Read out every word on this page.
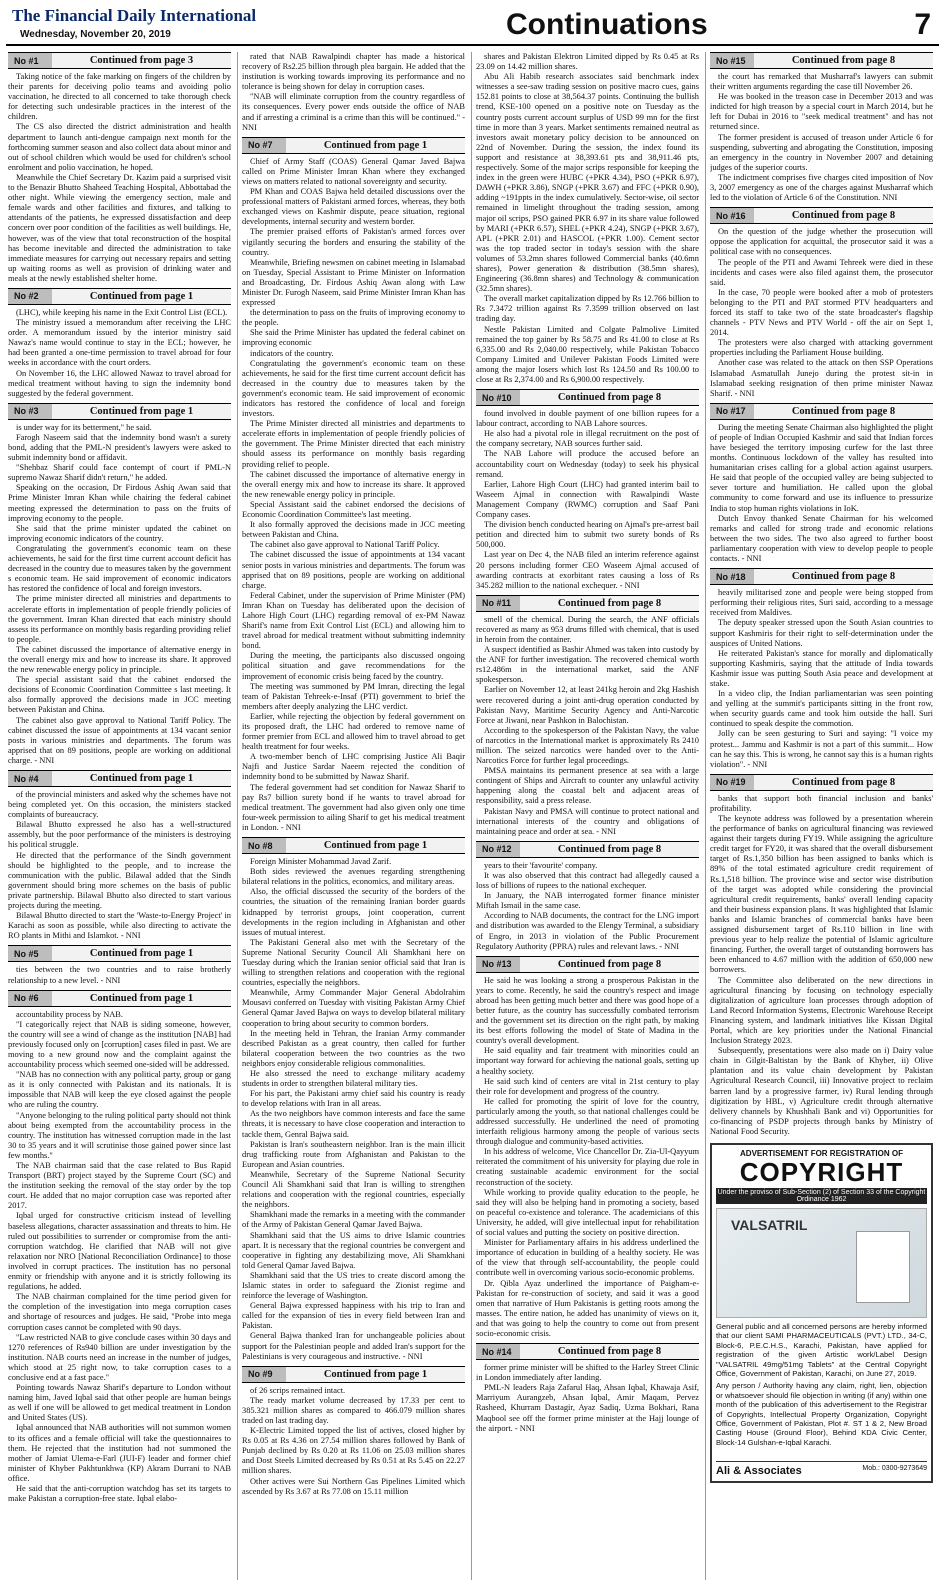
The Financial Daily International
Wednesday, November 20, 2019	Continuations	7
No #1	Continued from page 3

Taking notice of the fake marking on fingers of the children by their parents for deceiving polio teams and avoiding polio vaccination, he directed to all concerned to take thorough check for detecting such undesirable practices in the interest of the children.

The CS also directed the district administration and health department to launch anti-dengue campaign next month for the forthcoming summer season and also collect data about minor and out of school children which would be used for children's school enrolment and polio vaccination, he hoped.

Meanwhile the Chief Secretary Dr. Kazim paid a surprised visit to the Benazir Bhutto Shaheed Teaching Hospital, Abbottabad the other night. While viewing the emergency section, male and female wards and other facilities and fixtures, and talking to attendants of the patients, he expressed dissatisfaction and deep concern over poor condition of the facilities as well buildings. He, however, was of the view that total reconstruction of the hospital has become inevitable and directed the administration to take immediate measures for carrying out necessary repairs and setting up waiting rooms as well as provision of drinking water and meals at the newly established shelter home.

No #2	Continued from page 1

(LHC), while keeping his name in the Exit Control List (ECL).

The ministry issued a memorandum after receiving the LHC order. A memorandum issued by the interior ministry said Nawaz's name would continue to stay in the ECL; however, he had been granted a one-time permission to travel abroad for four weeks in accordance with the court orders.

On November 16, the LHC allowed Nawaz to travel abroad for medical treatment without having to sign the indemnity bond suggested by the federal government.

No #3	Continued from page 1

is under way for its betterment," he said.

Farogh Naseem said that the indemnity bond wasn't a surety bond, adding that the PML-N president's lawyers were asked to submit indemnity bond or affidavit.

"Shehbaz Sharif could face contempt of court if PML-N supremo Nawaz Sharif didn't return," he added.

Speaking on the occasion, Dr Firdous Ashiq Awan said that Prime Minister Imran Khan while chairing the federal cabinet meeting expressed the determination to pass on the fruits of improving economy to the people.

She said that the prime minister updated the cabinet on improving economic indicators of the country.

Congratulating the government's economic team on these achievements, he said for the first time current account deficit has decreased in the country due to measures taken by the government s economic team. He said improvement of economic indicators has restored the confidence of local and foreign investors.

The prime minister directed all ministries and departments to accelerate efforts in implementation of people friendly policies of the government. Imran Khan directed that each ministry should assess its performance on monthly basis regarding providing relief to people.

The cabinet discussed the importance of alternative energy in the overall energy mix and how to increase its share. It approved the new renewable energy policy in principle.

The special assistant said that the cabinet endorsed the decisions of Economic Coordination Committee s last meeting. It also formally approved the decisions made in JCC meeting between Pakistan and China.

The cabinet also gave approval to National Tariff Policy. The cabinet discussed the issue of appointments at 134 vacant senior posts in various ministries and departments. The forum was apprised that on 89 positions, people are working on additional charge. - NNI

No #4	Continued from page 1

of the provincial ministers and asked why the schemes have not being completed yet. On this occasion, the ministers stacked complaints of bureaucracy.

Bilawal Bhutto expressed he also has a well-structured assembly, but the poor performance of the ministers is destroying his political struggle.

He directed that the performance of the Sindh government should be highlighted to the people, and to increase the communication with the public. Bilawal added that the Sindh government should bring more schemes on the basis of public private partnership. Bilawal Bhutto also directed to start various projects during the meeting.

Bilawal Bhutto directed to start the 'Waste-to-Energy Project' in Karachi as soon as possible, while also directing to activate the RO plants in Mithi and Islamkot. - NNI

No #5	Continued from page 1

ties between the two countries and to raise brotherly relationship to a new level. - NNI

No #6	Continued from page 1

accountability process by NAB.

"I categorically reject that NAB is siding someone, however, the country will see a wind of change as the institution [NAB] had previously focused only on [corruption] cases filed in past. We are moving to a new ground now and the complaint against the accountability process which seemed one-sided will be addressed.

"NAB has no connection with any political party, group or gang as it is only connected with Pakistan and its nationals. It is impossible that NAB will keep the eye closed against the people who are ruling the country.

"Anyone belonging to the ruling political party should not think about being exempted from the accountability process in the country. The institution has witnessed corruption made in the last 30 to 35 years and it will scrutinise those gained power since last few months."

The NAB chairman said that the case related to Bus Rapid Transport (BRT) project stayed by the Supreme Court (SC) and the institution seeking the removal of the stay order by the top court. He added that no major corruption case was reported after 2017.

Iqbal urged for constructive criticism instead of levelling baseless allegations, character assassination and threats to him. He ruled out possibilities to surrender or compromise from the anti-corruption watchdog. He clarified that NAB will not give relaxation nor NRO [National Reconciliation Ordinance] to those involved in corrupt practices. The institution has no personal enmity or friendship with anyone and it is strictly following its regulations, he added.

The NAB chairman complained for the time period given for the completion of the investigation into mega corruption cases and shortage of resources and judges. He said, "Probe into mega corruption cases cannot be completed with 90 days.

"Law restricted NAB to give conclude cases within 30 days and 1270 references of Rs940 billion are under investigation by the institution. NAB courts need an increase in the number of judges, which stood at 25 right now, to take corruption cases to a conclusive end at a fast pace."

Pointing towards Nawaz Sharif's departure to London without naming him, Javed Iqbal said that other people are human beings as well if one will be allowed to get medical treatment in London and United States (US).

Iqbal announced that NAB authorities will not summon women to its offices and a female official will take the questionnaires to them. He rejected that the institution had not summoned the mother of Jamiat Ulema-e-Farl (JUI-F) leader and former chief minister of Khyber Pakhtunkhwa (KP) Akram Durrani to NAB office.

He said that the anti-corruption watchdog has set its targets to make Pakistan a corruption-free state. Iqbal elabo-

rated that NAB Rawalpindi chapter has made a historical recovery of Rs2.25 billion through plea bargain. He added that the institution is working towards improving its performance and no tolerance is being shown for delay in corruption cases.

"NAB will eliminate corruption from the country regardless of its consequences. Every power ends outside the office of NAB and if arresting a criminal is a crime than this will be continued." - NNI

No #7	Continued from page 1

Chief of Army Staff (COAS) General Qamar Javed Bajwa called on Prime Minister Imran Khan where they exchanged views on matters related to national sovereignty and security.

PM Khan and COAS Bajwa held detailed discussions over the professional matters of Pakistani armed forces, whereas, they both exchanged views on Kashmir dispute, peace situation, regional developments, internal security and western border.

The premier praised efforts of Pakistan's armed forces over vigilantly securing the borders and ensuring the stability of the country.

Meanwhile, Briefing newsmen on cabinet meeting in Islamabad on Tuesday, Special Assistant to Prime Minister on Information and Broadcasting, Dr. Firdous Ashiq Awan along with Law Minister Dr. Furogh Naseem, said Prime Minister Imran Khan has expressed

the determination to pass on the fruits of improving economy to the people.

She said the Prime Minister has updated the federal cabinet on improving economic

indicators of the country.

Congratulating the government's economic team on these achievements, he said for the first time current account deficit has decreased in the country due to measures taken by the government's economic team. He said improvement of economic indicators has restored the confidence of local and foreign investors.

The Prime Minister directed all ministries and departments to accelerate efforts in implementation of people friendly policies of the government. The Prime Minister directed that each ministry should assess its performance on monthly basis regarding providing relief to people.

The cabinet discussed the importance of alternative energy in the overall energy mix and how to increase its share. It approved the new renewable energy policy in principle.

Special Assistant said the cabinet endorsed the decisions of Economic Coordination Committee's last meeting.

It also formally approved the decisions made in JCC meeting between Pakistan and China.

The cabinet also gave approval to National Tariff Policy.

The cabinet discussed the issue of appointments at 134 vacant senior posts in various ministries and departments. The forum was apprised that on 89 positions, people are working on additional charge.

Federal Cabinet, under the supervision of Prime Minister (PM) Imran Khan on Tuesday has deliberated upon the decision of Lahore High Court (LHC) regarding removal of ex-PM Nawaz Sharif's name from Exit Control List (ECL) and allowing him to travel abroad for medical treatment without submitting indemnity bond.

During the meeting, the participants also discussed ongoing political situation and gave recommendations for the improvement of economic crisis being faced by the country.

The meeting was summoned by PM Imran, directing the legal team of Pakistan Tehreek-e-Insaf (PTI) government to brief the members after deeply analyzing the LHC verdict.

Earlier, while rejecting the objection by federal government on its proposed draft, the LHC had ordered to remove name of former premier from ECL and allowed him to travel abroad to get health treatment for four weeks.

A two-member bench of LHC comprising Justice Ali Baqir Najfi and Justice Sardar Naeem rejected the condition of indemnity bond to be submitted by Nawaz Sharif.

The federal government had set condition for Nawaz Sharif to pay Rs7 billion surety bond if he wants to travel abroad for medical treatment. The government had also given only one time four-week permission to ailing Sharif to get his medical treatment in London. - NNI

No #8	Continued from page 1

Foreign Minister Mohammad Javad Zarif.

Both sides reviewed the avenues regarding strengthening bilateral relations in the politics, economics, and military areas.

Also, the official discussed the security of the borders of the countries, the situation of the remaining Iranian border guards kidnapped by terrorist groups, joint cooperation, current developments in the region including in Afghanistan and other issues of mutual interest.

The Pakistani General also met with the Secretary of the Supreme National Security Council Ali Shamkhani here on Tuesday during which the Iranian senior official said that Iran is willing to strengthen relations and cooperation with the regional countries, especially the neighbors.

Meanwhile, Army Commander Major General Abdolrahim Mousavi conferred on Tuesday with visiting Pakistan Army Chief General Qamar Javed Bajwa on ways to develop bilateral military cooperation to bring about security to common borders.

In the meeting held in Tehran, the Iranian Army commander described Pakistan as a great country, then called for further bilateral cooperation between the two countries as the two neighbors enjoy considerable religious commonalities.

He also stressed the need to exchange military academy students in order to strengthen bilateral military ties.

For his part, the Pakistani army chief said his country is ready to develop relations with Iran in all areas.

As the two neighbors have common interests and face the same threats, it is necessary to have close cooperation and interaction to tackle them, Genral Bajwa said.

Pakistan is Iran's southeastern neighbor. Iran is the main illicit drug trafficking route from Afghanistan and Pakistan to the European and Asian countries.

Meanwhile, Secretary of the Supreme National Security Council Ali Shamkhani said that Iran is willing to strengthen relations and cooperation with the regional countries, especially the neighbors.

Shamkhani made the remarks in a meeting with the commander of the Army of Pakistan General Qamar Javed Bajwa.

Shamkhani said that the US aims to drive Islamic countries apart. It is necessary that the regional countries be convergent and cooperative in fighting any destabilizing move, Ali Shamkhani told General Qamar Javed Bajwa.

Shamkhani said that the US tries to create discord among the Islamic states in order to safeguard the Zionist regime and reinforce the leverage of Washington.

General Bajwa expressed happiness with his trip to Iran and called for the expansion of ties in every field between Iran and Pakistan.

General Bajwa thanked Iran for unchangeable policies about support for the Palestinian people and added Iran's support for the Palestinians is very courageous and instructive. - NNI

No #9	Continued from page 1

of 26 scrips remained intact.

The ready market volume decreased by 17.33 per cent to 385.321 million shares as compared to 466.079 million shares traded on last trading day.

K-Electric Limited topped the list of actives, closed higher by Rs 0.05 at Rs 4.36 on 27.54 million shares followed by Bank of Punjab declined by Rs 0.20 at Rs 11.06 on 25.03 million shares and Dost Steels Limited decreased by Rs 0.51 at Rs 5.45 on 22.27 million shares.

Other actives were Sui Northern Gas Pipelines Limited which ascended by Rs 3.67 at Rs 77.08 on 15.11 million

shares and Pakistan Elektron Limited dipped by Rs 0.45 at Rs 23.09 on 14.42 million shares.

Abu Ali Habib research associates said benchmark index witnesses a see-saw trading session on positive macro cues, gains 152.81 points to close at 38,564.37 points. Continuing the bullish trend, KSE-100 opened on a positive note on Tuesday as the country posts current account surplus of USD 99 mn for the first time in more than 3 years. Market sentiments remained neutral as investors await monetary policy decision to be announced on 22nd of November. During the session, the index found its support and resistance at 38,393.61 pts and 38,911.46 pts, respectively. Some of the major scrips responsible for keeping the index in the green were HUBC (+PKR 4.34), PSO (+PKR 6.97), DAWH (+PKR 3.86), SNGP (+PKR 3.67) and FFC (+PKR 0.90), adding ~191ppts in the index cumulatively. Sector-wise, oil sector remained in limelight throughout the trading session, among major oil scrips, PSO gained PKR 6.97 in its share value followed by MARI (+PKR 6.57), SHEL (+PKR 4.24), SNGP (+PKR 3.67), APL (+PKR 2.01) and HASCOL (+PKR 1.00). Cement sector was the top traded sector in today's session with the share volumes of 53.2mn shares followed Commercial banks (40.6mn shares), Power generation & distribution (38.5mn shares), Engineering (36.8mn shares) and Technology & communication (32.5mn shares).

The overall market capitalization dipped by Rs 12.766 billion to Rs 7.3472 trillion against Rs 7.3599 trillion observed on last trading day.

Nestle Pakistan Limited and Colgate Palmolive Limited remained the top gainer by Rs 58.75 and Rs 41.00 to close at Rs 6,335.00 and Rs 2,040.00 respectively, while Pakistan Tobacco Company Limited and Unilever Pakistan Foods Limited were among the major losers which lost Rs 124.50 and Rs 100.00 to close at Rs 2,374.00 and Rs 6,900.00 respectively.

No #10	Continued from page 8

found involved in double payment of one billion rupees for a labour contract, according to NAB Lahore sources.

He also had a pivotal role in illegal recruitment on the post of the company secretary, NAB sources further said.

The NAB Lahore will produce the accused before an accountability court on Wednesday (today) to seek his physical remand.

Earlier, Lahore High Court (LHC) had granted interim bail to Waseem Ajmal in connection with Rawalpindi Waste Management Company (RWMC) corruption and Saaf Pani Company cases.

The division bench conducted hearing on Ajmal's pre-arrest bail petition and directed him to submit two surety bonds of Rs 500,000.

Last year on Dec 4, the NAB filed an interim reference against 20 persons including former CEO Waseem Ajmal accused of awarding contracts at exorbitant rates causing a loss of Rs 345.282 million to the national exchequer. - NNI

No #11	Continued from page 8

smell of the chemical. During the search, the ANF officials recovered as many as 953 drums filled with chemical, that is used in heroin from the container.

A suspect identified as Bashir Ahmed was taken into custody by the ANF for further investigation. The recovered chemical worth rs12.486m in the international market, said the ANF spokesperson.

Earlier on November 12, at least 241kg heroin and 2kg Hashish were recovered during a joint anti-drug operation conducted by Pakistan Navy, Maritime Security Agency and Anti-Narcotic Force at Jiwani, near Pashkon in Balochistan.

According to the spokesperson of the Pakistan Navy, the value of narcotics in the International market is approximately Rs 2410 million. The seized narcotics were handed over to the Anti-Narcotics Force for further legal proceedings.

PMSA maintains its permanent presence at sea with a large contingent of Ships and Aircraft to counter any unlawful activity happening along the coastal belt and adjacent areas of responsibility, said a press release.

Pakistan Navy and PMSA will continue to protect national and international interests of the country and obligations of maintaining peace and order at sea. - NNI

No #12	Continued from page 8

years to their 'favourite' company.

It was also observed that this contract had allegedly caused a loss of billions of rupees to the national exchequer.

In January, the NAB interrogated former finance minister Miftah Ismail in the same case.

According to NAB documents, the contract for the LNG import and distribution was awarded to the Elengy Terminal, a subsidiary of Engro, in 2013 in violation of the Public Procurement Regulatory Authority (PPRA) rules and relevant laws. - NNI

No #13	Continued from page 8

He said he was looking a strong a prosperous Pakistan in the years to come. Recently, he said the country's respect and image abroad has been getting much better and there was good hope of a better future, as the country has successfully combated terrorism and the government set its direction on the right path, by making its best efforts following the model of State of Madina in the country's overall development.

He said equality and fair treatment with minorities could an important way forward for achieving the national goals, setting up a healthy society.

He said such kind of centers are vital in 21st century to play their role for development and progress of the country.

He called for promoting the spirit of love for the country, particularly among the youth, so that national challenges could be addressed successfully. He underlined the need of promoting interfaith religious harmony among the people of various sects through dialogue and community-based activities.

In his address of welcome, Vice Chancellor Dr. Zia-Ul-Qayyum reiterated the commitment of his university for playing due role in creating sustainable academic environment for the social reconstruction of the society.

While working to provide quality education to the people, he said they will also be helping hand in promoting a society, based on peaceful co-existence and tolerance. The academicians of this University, he added, will give intellectual input for rehabilitation of social values and putting the society on positive direction.

Minister for Parliamentary affairs in his address underlined the importance of education in building of a healthy society. He was of the view that through self-accountability, the people could contribute well in overcoming various socio-economic problems.

Dr. Qibla Ayaz underlined the importance of Paigham-e-Pakistan for re-construction of society, and said it was a good omen that narrative of Hum Pakistanis is getting roots among the masses. The entire nation, he added has unanimity of views on it, and that was going to help the country to come out from present socio-economic crisis.

No #14	Continued from page 8

former prime minister will be shifted to the Harley Street Clinic in London immediately after landing.

PML-N leaders Raja Zafarul Haq, Ahsan Iqbal, Khawaja Asif, Marriyum Aurangzeb, Ahsan Iqbal, Amir Maqam, Pervez Rasheed, Khurram Dastagir, Ayaz Sadiq, Uzma Bokhari, Rana Maqbool see off the former prime minister at the Hajj lounge of the airport. - NNI

No #15	Continued from page 8

the court has remarked that Musharraf's lawyers can submit their written arguments regarding the case till November 26.

He was booked in the treason case in December 2013 and was indicted for high treason by a special court in March 2014, but he left for Dubai in 2016 to "seek medical treatment" and has not returned since.

The former president is accused of treason under Article 6 for suspending, subverting and abrogating the Constitution, imposing an emergency in the country in November 2007 and detaining judges of the superior courts.

The indictment comprises five charges cited imposition of Nov 3, 2007 emergency as one of the charges against Musharraf which led to the violation of Article 6 of the Constitution. NNI

No #16	Continued from page 8

On the question of the judge whether the prosecution will oppose the application for acquittal, the prosecutor said it was a political case with no consequences.

The people of the PTI and Awami Tehreek were died in these incidents and cases were also filed against them, the prosecutor said.

In the case, 70 people were booked after a mob of protesters belonging to the PTI and PAT stormed PTV headquarters and forced its staff to take two of the state broadcaster's flagship channels - PTV News and PTV World - off the air on Sept 1, 2014.

The protesters were also charged with attacking government properties including the Parliament House building.

Another case was related to the attack on then SSP Operations Islamabad Asmatullah Junejo during the protest sit-in in Islamabad seeking resignation of then prime minister Nawaz Sharif. - NNI

No #17	Continued from page 8

During the meeting Senate Chairman also highlighted the plight of people of Indian Occupied Kashmir and said that Indian forces have besieged the territory imposing curfew for the last three months. Continuous lockdown of the valley has resulted into humanitarian crises calling for a global action against usurpers. He said that people of the occupied valley are being subjected to sever torture and humiliation. He called upon the global community to come forward and use its influence to pressurize India to stop human rights violations in IoK.

Dutch Envoy thanked Senate Chairman for his welcomed remarks and called for strong trade and economic relations between the two sides. The two also agreed to further boost parliamentary cooperation with view to develop people to people contacts. - NNI

No #18	Continued from page 8

heavily militarised zone and people were being stopped from performing their religious rites, Suri said, according to a message received from Maldives.

The deputy speaker stressed upon the South Asian countries to support Kashmiris for their right to self-determination under the auspices of United Nations.

He reiterated Pakistan's stance for morally and diplomatically supporting Kashmiris, saying that the attitude of India towards Kashmir issue was putting South Asia peace and development at stake.

In a video clip, the Indian parliamentarian was seen pointing and yelling at the summit's participants sitting in the front row, when security guards came and took him outside the hall. Suri continued to speak despite the commotion.

Jolly can be seen gesturing to Suri and saying: "I voice my protest... Jammu and Kashmir is not a part of this summit... How can he say this. This is wrong, he cannot say this is a human rights violation". - NNI

No #19	Continued from page 8

banks that support both financial inclusion and banks' profitability.

The keynote address was followed by a presentation wherein the performance of banks on agricultural financing was reviewed against their targets during FY19. While assigning the agriculture credit target for FY20, it was shared that the overall disbursement target of Rs.1,350 billion has been assigned to banks which is 89% of the total estimated agriculture credit requirement of Rs.1,518 billion. The province wise and sector wise distribution of the target was adopted while considering the provincial agricultural credit requirements, banks' overall lending capacity and their business expansion plans. It was highlighted that Islamic banks and Islamic branches of commercial banks have been assigned disbursement target of Rs.110 billion in line with previous year to help realize the potential of Islamic agriculture financing. Further, the overall target of outstanding borrowers has been enhanced to 4.67 million with the addition of 650,000 new borrowers.

The Committee also deliberated on the new directions in agricultural financing by focusing on technology especially digitalization of agriculture loan processes through adoption of Land Record Information Systems, Electronic Warehouse Receipt Financing system, and landmark initiatives like Kissan Digital Portal, which are key priorities under the National Financial Inclusion Strategy 2023.

Subsequently, presentations were also made on i) Dairy value chain in Gilgit-Baltistan by the Bank of Khyber, ii) Olive plantation and its value chain development by Pakistan Agricultural Research Council, iii) Innovative project to reclaim barren land by a progressive farmer, iv) Rural lending through digitization by HBL, v) Agriculture credit through alternative delivery channels by Khushhali Bank and vi) Opportunities for co-financing of PSDP projects through banks by Ministry of National Food Security.

ADVERTISEMENT FOR REGISTRATION OF
COPYRIGHT
Under the proviso of Sub-Section (2) of Section 33 of the Copyright Ordinance 1962
VALSATRIL

General public and all concerned persons are hereby informed that our client SAMI PHARMACEUTICALS (PVT.) LTD., 34-C, Block-6, P.E.C.H.S., Karachi, Pakistan, have applied for registration of the given Artistic work/Label Design "VALSATRIL 49mg/51mg Tablets" at the Central Copyright Office, Government of Pakistan, Karachi, on June 27, 2019.

Any person / Authority having any claim, right, lien, objection or whatsoever should file objection in writing (if any) within one month of the publication of this advertisement to the Registrar of Copyrights, Intellectual Property Organization, Copyright Office, Government of Pakistan, Plot #. ST 1 & 2, New Broad Casting House (Ground Floor), Behind KDA Civic Center, Block-14 Gulshan-e-Iqbal Karachi.

Ali & Associates	Mob.: 0300-9273649
